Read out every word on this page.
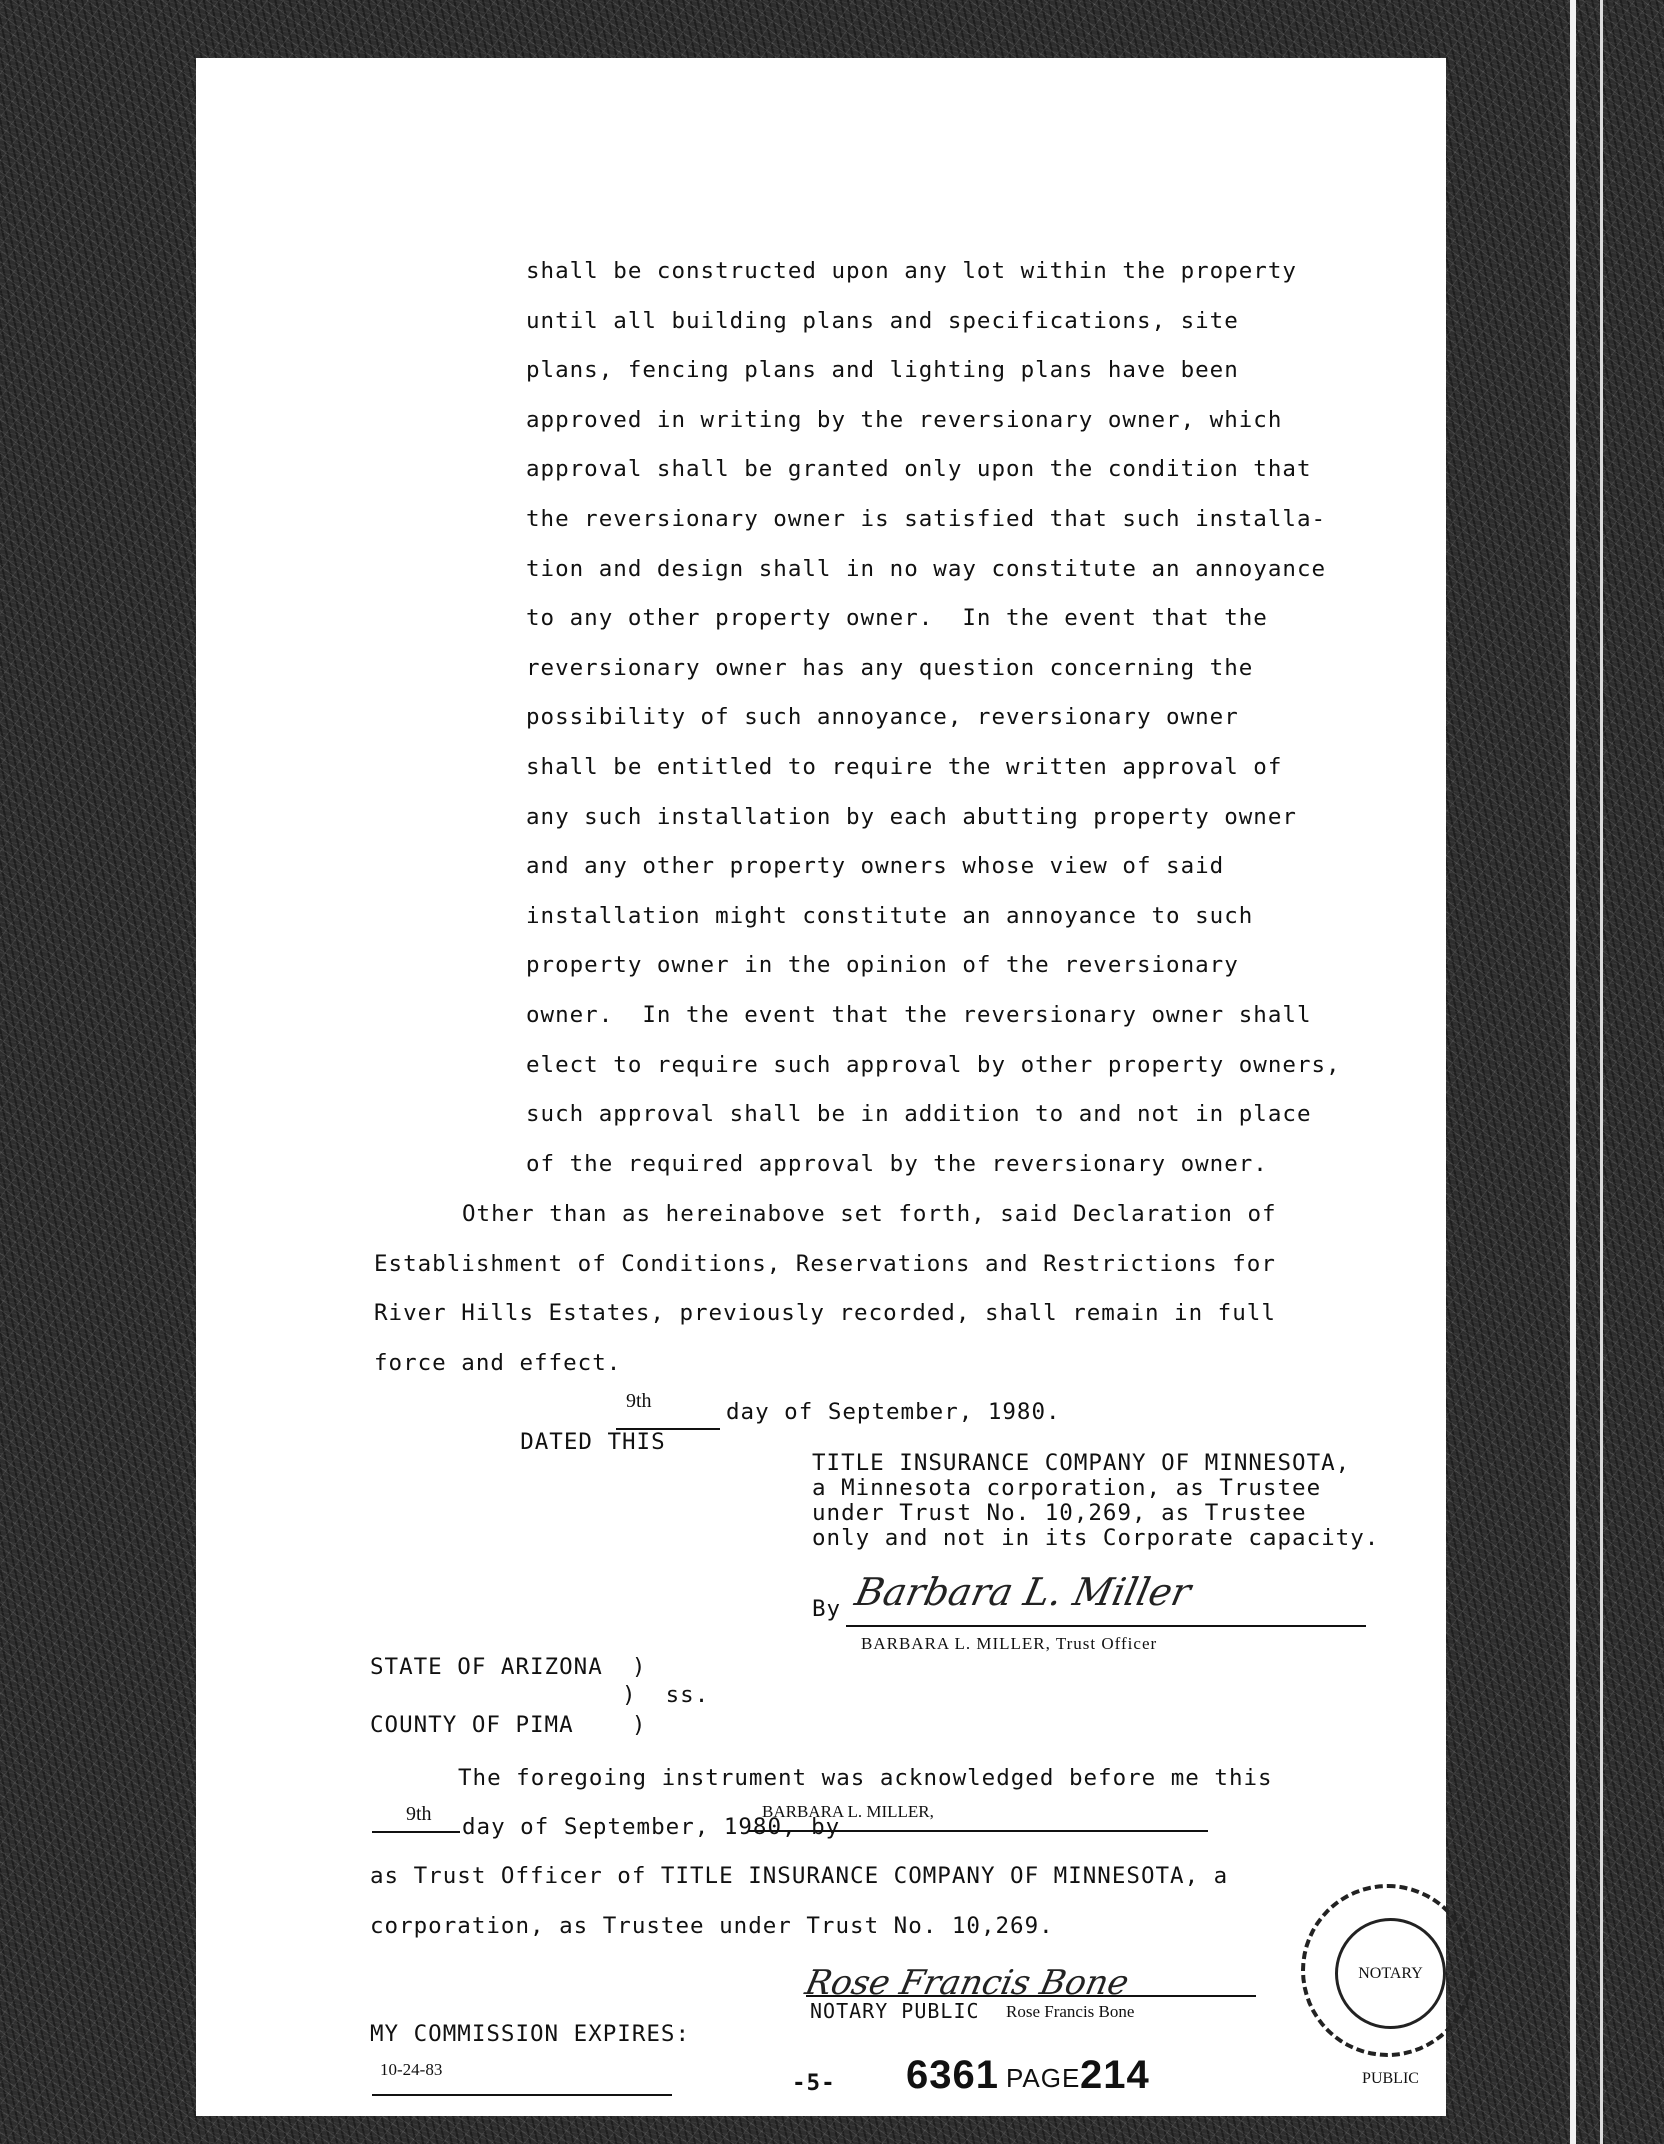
shall be constructed upon any lot within the property
until all building plans and specifications, site
plans, fencing plans and lighting plans have been
approved in writing by the reversionary owner, which
approval shall be granted only upon the condition that
the reversionary owner is satisfied that such installa-
tion and design shall in no way constitute an annoyance
to any other property owner.  In the event that the
reversionary owner has any question concerning the
possibility of such annoyance, reversionary owner
shall be entitled to require the written approval of
any such installation by each abutting property owner
and any other property owners whose view of said
installation might constitute an annoyance to such
property owner in the opinion of the reversionary
owner.  In the event that the reversionary owner shall
elect to require such approval by other property owners,
such approval shall be in addition to and not in place
of the required approval by the reversionary owner.
Other than as hereinabove set forth, said Declaration of
Establishment of Conditions, Reservations and Restrictions for
River Hills Estates, previously recorded, shall remain in full
force and effect.

DATED THIS

9th	day of September, 1980.
TITLE INSURANCE COMPANY OF MINNESOTA,
a Minnesota corporation, as Trustee
under Trust No. 10,269, as Trustee
only and not in its Corporate capacity.
By Barbara L. Miller
BARBARA L. MILLER, Trust Officer
STATE OF ARIZONA  )
)  ss.
COUNTY OF PIMA    )
The foregoing instrument was acknowledged before me this
9th day of September, 1980, by
BARBARA L. MILLER,
as Trust Officer of TITLE INSURANCE COMPANY OF MINNESOTA, a
corporation, as Trustee under Trust No. 10,269.
NOTARY PUBLIC
Rose Francis Bone
NOTARY PUBLIC Rose Francis Bone
MY COMMISSION EXPIRES:
10-24-83
-5- 6361 PAGE 214
